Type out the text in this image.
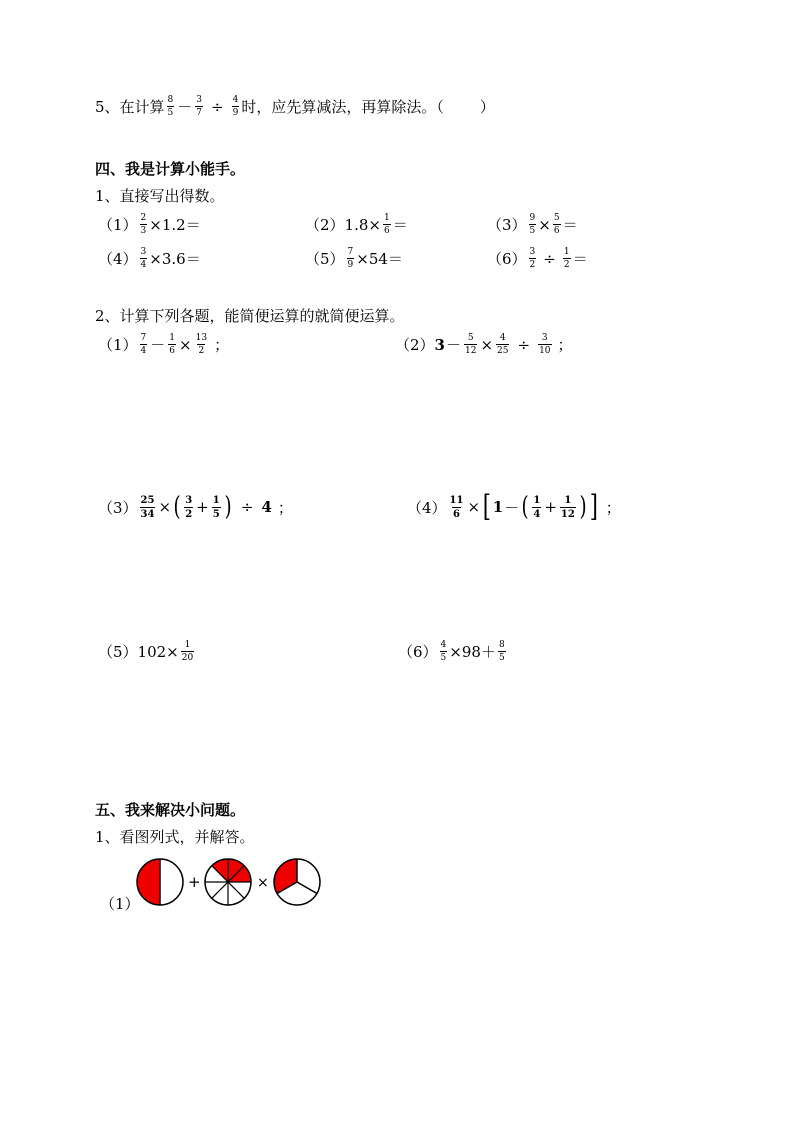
5、在计算 $\frac{8}{5} - \frac{3}{7} \div \frac{4}{9}$ 时，应先算减法，再算除法。（ ）
四、我是计算小能手。
1、直接写出得数。
$(1) \frac{2}{3} \times 1.2=$	（2） $1.8\times \frac{1}{6}$ ＝	$(3) \frac{9}{5} \times \frac{5}{6}$ ＝
$(4) \frac{3}{4} \times 3.6=$	$(5) \frac{7}{9} \times 54=$	$(6) \frac{3}{2} \div \frac{1}{2}$ ＝
2、计算下列各题，能简便运算的就简便运算。
$(1) \frac{7}{4} - \frac{1}{6} \times \frac{13}{2}$ ；	（2） $3 - \frac{5}{12} \times \frac{4}{25} \div \frac{3}{10}$ ；
$(3) \frac{25}{34}$ × ( $\frac{3}{2} + \frac{1}{5}$ ) ÷ 4 ；	$(4) \frac{11}{6}$ × [ 1 － ( $\frac{1}{4} + \frac{1}{12}$ ) ] ；
（5） $102\times \frac{1}{20}$	$(6) \frac{4}{5} \times 98+ \frac{8}{5}$
五、我来解决小问题。
1、看图列式，并解答。
（1）
+	×
